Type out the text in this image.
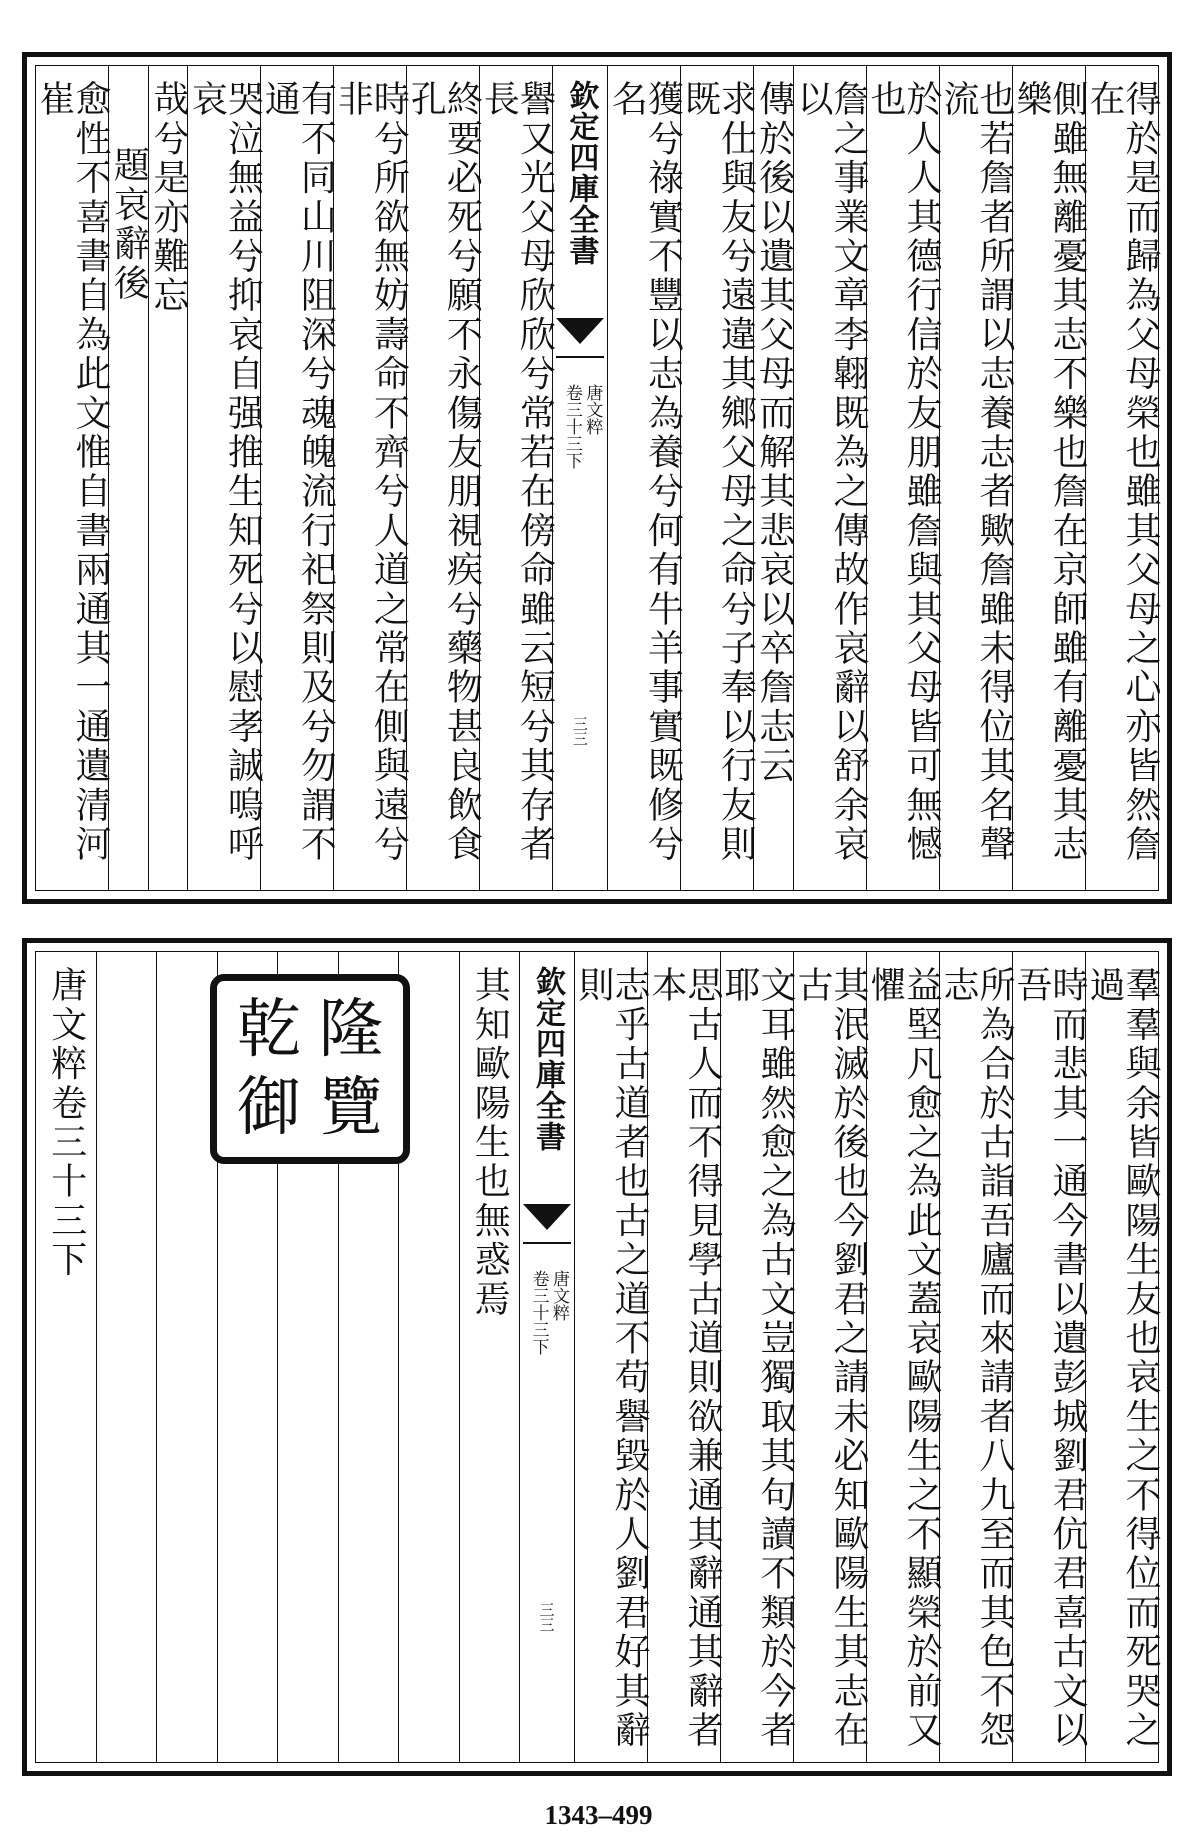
得於是而歸為父母榮也雖其父母之心亦皆然詹在
側雖無離憂其志不樂也詹在京師雖有離憂其志樂
也若詹者所謂以志養志者歟詹雖未得位其名聲流
於人人其德行信於友朋雖詹與其父母皆可無憾也
詹之事業文章李翺既為之傳故作哀辭以舒余哀以
傳於後以遺其父母而解其悲哀以卒詹志云
求仕與友兮遠違其鄉父母之命兮子奉以行友則既
獲兮祿實不豐以志為養兮何有牛羊事實既修兮名
欽定四庫全書
唐文粹
卷三十三下
三三
譽又光父母欣欣兮常若在傍命雖云短兮其存者長
終要必死兮願不永傷友朋視疾兮藥物甚良飲食孔
時兮所欲無妨壽命不齊兮人道之常在側與遠兮非
有不同山川阻深兮魂魄流行祀祭則及兮勿謂不通
哭泣無益兮抑哀自强推生知死兮以慰孝誠嗚呼哀
哉兮是亦難忘
題哀辭後
愈性不喜書自為此文惟自書兩通其一通遺清河崔
羣羣與余皆歐陽生友也哀生之不得位而死哭之過
時而悲其一通今書以遺彭城劉君伉君喜古文以吾
所為合於古詣吾廬而來請者八九至而其色不怨志
益堅凡愈之為此文蓋哀歐陽生之不顯榮於前又懼
其泯滅於後也今劉君之請未必知歐陽生其志在古
文耳雖然愈之為古文豈獨取其句讀不類於今者耶
思古人而不得見學古道則欲兼通其辭通其辭者本
志乎古道者也古之道不苟譽毀於人劉君好其辭則
欽定四庫全書
唐文粹
卷三十三下
三三
其知歐陽生也無惑焉
唐文粹卷三十三下 乾 隆
御 覽
1343–499
